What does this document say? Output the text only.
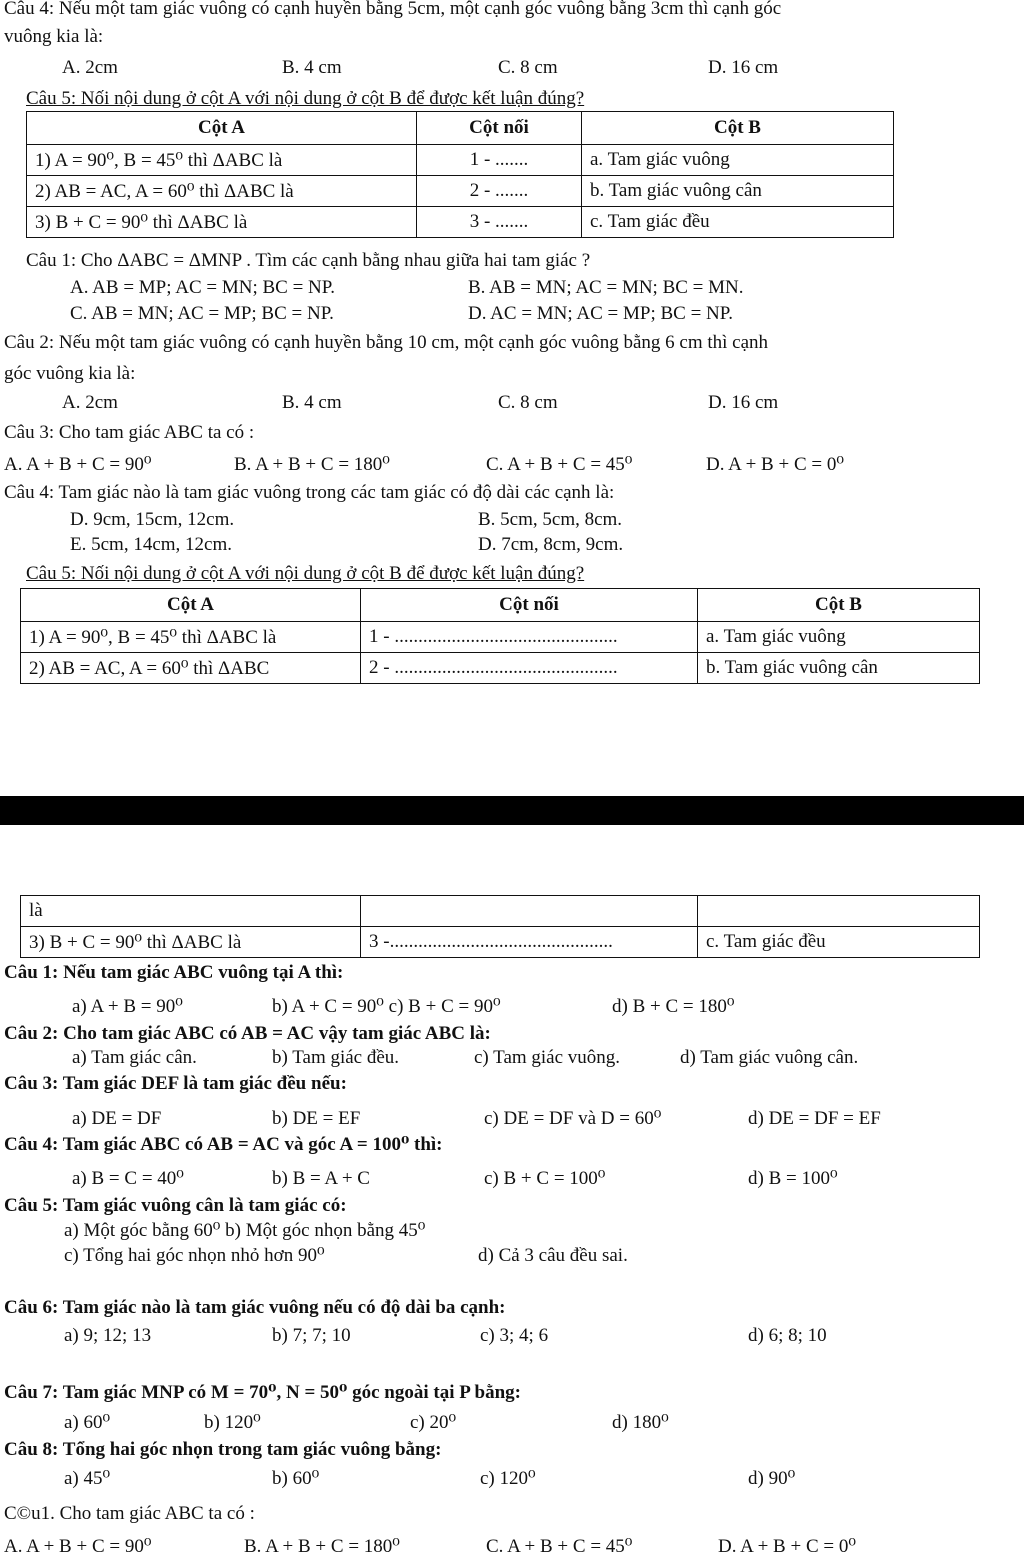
Câu 4: Nếu một tam giác vuông có cạnh huyền bằng 5cm, một cạnh góc vuông bằng 3cm thì cạnh góc
vuông kia là:
A. 2cm	B. 4 cm	C. 8 cm	D. 16 cm
Câu 5: Nối nội dung ở cột A với nội dung ở cột B để được kết luận đúng?
Cột A	Cột nối	Cột B
1) A = 90⁰, B = 45⁰ thì ΔABC là	1 - .......	a. Tam giác vuông
2) AB = AC, A = 60⁰ thì ΔABC là	2 - .......	b. Tam giác vuông cân
3) B + C = 90⁰ thì ΔABC là	3 - .......	c. Tam giác đều
Câu 1: Cho ΔABC = ΔMNP . Tìm các cạnh bằng nhau giữa hai tam giác ?
A. AB = MP; AC = MN; BC = NP.	B. AB = MN; AC = MN; BC = MN.
C. AB = MN; AC = MP; BC = NP.	D. AC = MN; AC = MP; BC = NP.
Câu 2: Nếu một tam giác vuông có cạnh huyền bằng 10 cm, một cạnh góc vuông bằng 6 cm thì cạnh
góc vuông kia là:
A. 2cm	B. 4 cm	C. 8 cm	D. 16 cm
Câu 3: Cho tam giác ABC ta có :
A. A + B + C = 90⁰	B. A + B + C = 180⁰	C. A + B + C = 45⁰	D. A + B + C = 0⁰
Câu 4: Tam giác nào là tam giác vuông trong các tam giác có độ dài các cạnh là:
D. 9cm, 15cm, 12cm.	B. 5cm, 5cm, 8cm.
E. 5cm, 14cm, 12cm.	D. 7cm, 8cm, 9cm.
Câu 5: Nối nội dung ở cột A với nội dung ở cột B để được kết luận đúng?
Cột A	Cột nối	Cột B
1) A = 90⁰, B = 45⁰ thì ΔABC là	1 - ...............................................	a. Tam giác vuông
2) AB = AC, A = 60⁰ thì ΔABC	2 - ...............................................	b. Tam giác vuông cân
là		
3) B + C = 90⁰ thì ΔABC là	3 -...............................................	c. Tam giác đều
Câu 1: Nếu tam giác ABC vuông tại A thì:
a) A + B = 90⁰	b) A + C = 90⁰ c) B + C = 90⁰	d) B + C = 180⁰
Câu 2: Cho tam giác ABC có AB = AC vậy tam giác ABC là:
a) Tam giác cân.	b) Tam giác đều.	c) Tam giác vuông.	d) Tam giác vuông cân.
Câu 3: Tam giác DEF là tam giác đều nếu:
a) DE = DF	b) DE = EF	c) DE = DF và D = 60⁰	d) DE = DF = EF
Câu 4: Tam giác ABC có AB = AC và góc A = 100⁰ thì:
a) B = C = 40⁰	b) B = A + C	c) B + C = 100⁰	d) B = 100⁰
Câu 5: Tam giác vuông cân là tam giác có:
a) Một góc bằng 60⁰ b) Một góc nhọn bằng 45⁰
c) Tổng hai góc nhọn nhỏ hơn 90⁰	d) Cả 3 câu đều sai.
Câu 6: Tam giác nào là tam giác vuông nếu có độ dài ba cạnh:
a) 9; 12; 13	b) 7; 7; 10	c) 3; 4; 6	d) 6; 8; 10
Câu 7: Tam giác MNP có M = 70⁰, N = 50⁰ góc ngoài tại P bằng:
a) 60⁰	b) 120⁰	c) 20⁰	d) 180⁰
Câu 8: Tổng hai góc nhọn trong tam giác vuông bằng:
a) 45⁰	b) 60⁰	c) 120⁰	d) 90⁰
C©u1. Cho tam giác ABC ta có :
A. A + B + C = 90⁰	B. A + B + C = 180⁰	C. A + B + C = 45⁰	D. A + B + C = 0⁰
